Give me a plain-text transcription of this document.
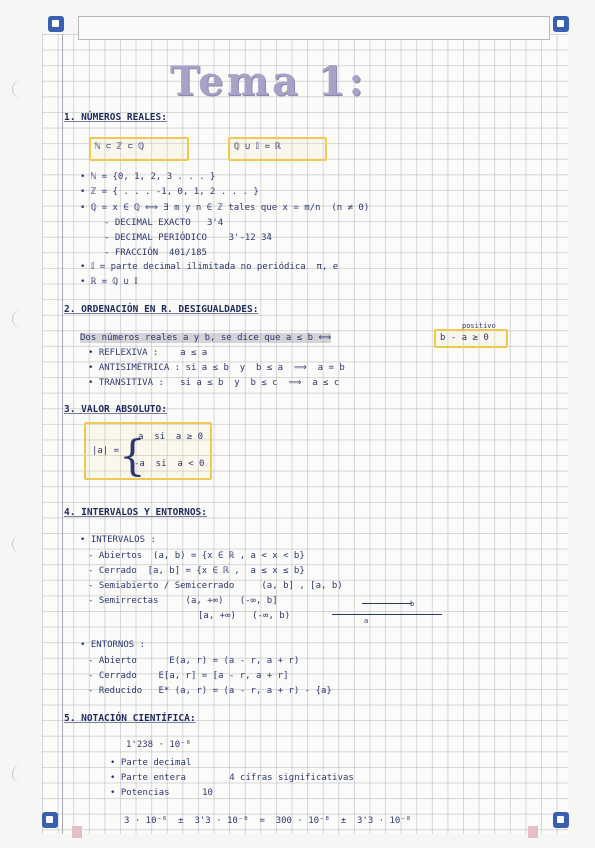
Tema 1:
1. NÚMEROS REALES:
ℕ ⊂ ℤ ⊂ ℚ	ℚ ∪ 𝕀 = ℝ
• ℕ = {0, 1, 2, 3 . . . }
• ℤ = { . . . -1, 0, 1, 2 . . . }
• ℚ = x ∈ ℚ ⟺ ∃ m y n ∈ ℤ tales que x = m/n  (n ≠ 0)
- DECIMAL EXACTO   3'4
- DECIMAL PERIÓDICO    3'-12 3̄4
- FRACCIÓN  401/185
• 𝕀 = parte decimal ilimitada no periódica  π, e
• ℝ = ℚ ∪ 𝕀
2. ORDENACIÓN EN R. DESIGUALDADES:
Dos números reales a y b, se dice que a ≤ b ⟺	b - a ≥ 0
positivo
• REFLEXIVA :    a ≤ a
• ANTISIMÉTRICA : si a ≤ b  y  b ≤ a  ⟹  a = b
• TRANSITIVA :   si a ≤ b  y  b ≤ c  ⟹  a ≤ c
3. VALOR ABSOLUTO:
|a| = {
a  si  a ≥ 0
-a  si  a < 0
4. INTERVALOS Y ENTORNOS:
• INTERVALOS :
- Abiertos  (a, b) = {x ∈ ℝ , a < x < b}
- Cerrado  [a, b] = {x ∈ ℝ ,  a ≤ x ≤ b}
- Semiabierto / Semicerrado     (a, b] , [a, b)
- Semirrectas     (a, +∞)   (-∞, b]
[a, +∞)   (-∞, b)	a
b
• ENTORNOS :
- Abierto      E(a, r) = (a - r, a + r)
- Cerrado    E[a, r] = [a - r, a + r]
- Reducido   E* (a, r) = (a - r, a + r) - {a}
5. NOTACIÓN CIENTÍFICA:
1'238 · 10⁻⁶
• Parte decimal
• Parte entera        4 cifras significativas
• Potencias      10
3 · 10⁻⁶  ±  3'3 · 10⁻⁸  =  300 · 10⁻⁸  ±  3'3 · 10⁻⁸
